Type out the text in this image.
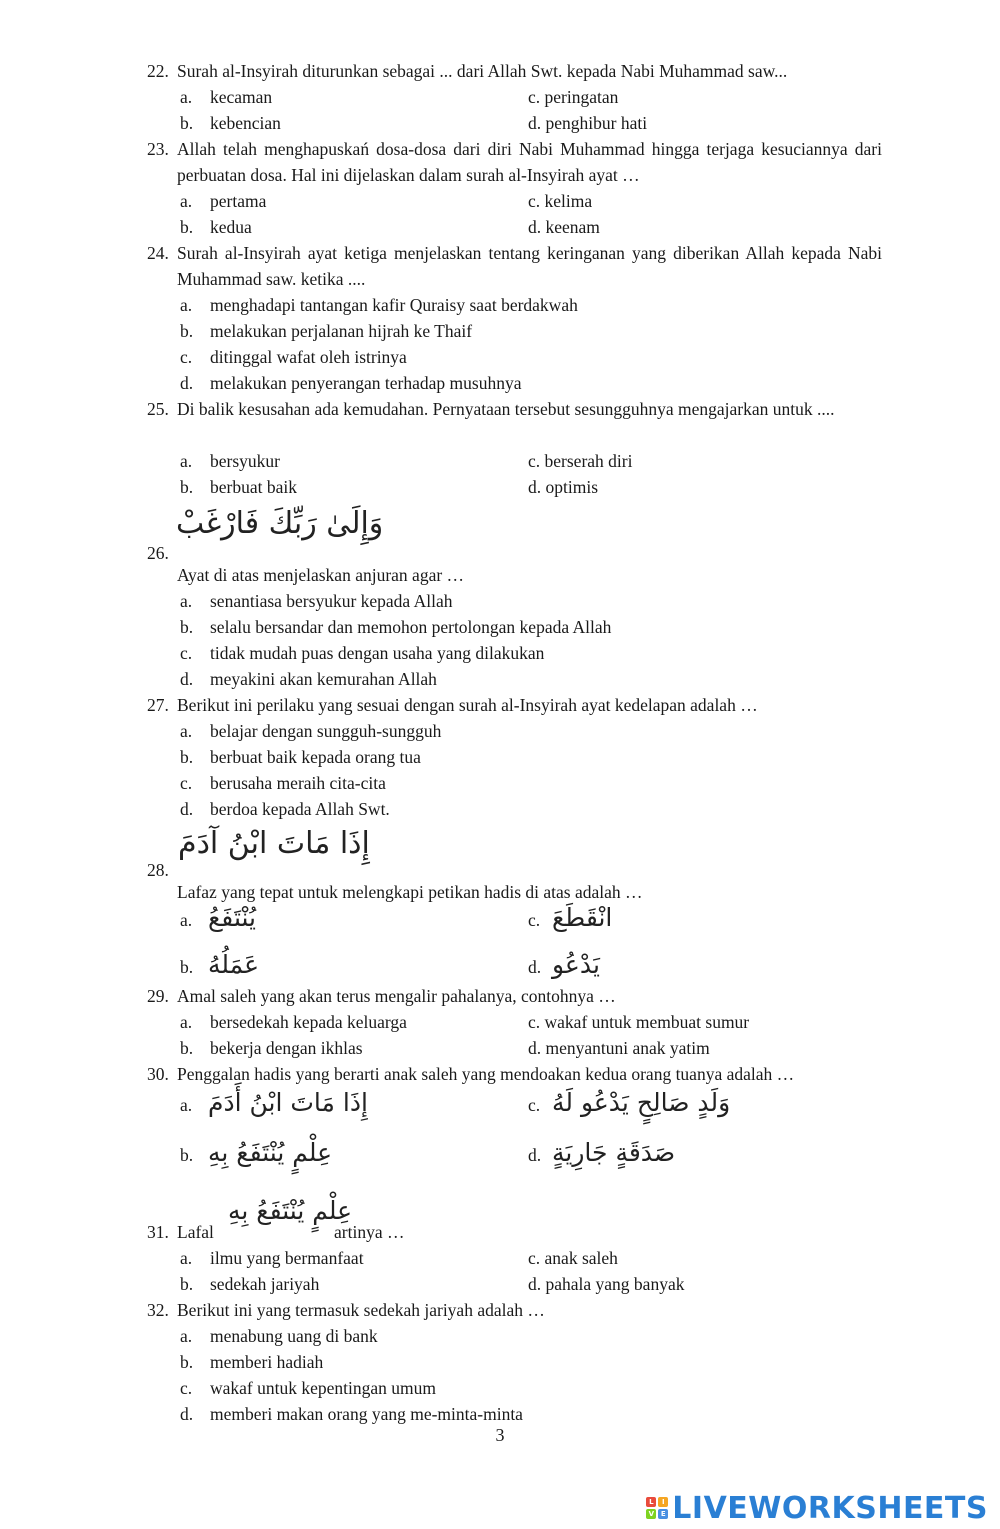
22. Surah al-Insyirah diturunkan sebagai ... dari Allah Swt. kepada Nabi Muhammad saw...
a. kecaman
b. kebencian
c. peringatan
d. penghibur hati
23. Allah telah menghapuskań dosa-dosa dari diri Nabi Muhammad hingga terjaga kesuciannya dari perbuatan dosa. Hal ini dijelaskan dalam surah al-Insyirah ayat …
a. pertama
b. kedua
c. kelima
d. keenam
24. Surah al-Insyirah ayat ketiga menjelaskan tentang keringanan yang diberikan Allah kepada Nabi Muhammad saw. ketika ....
a. menghadapi tantangan kafir Quraisy saat berdakwah
b. melakukan perjalanan hijrah ke Thaif
c. ditinggal wafat oleh istrinya
d. melakukan penyerangan terhadap musuhnya
25. Di balik kesusahan ada kemudahan. Pernyataan tersebut sesungguhnya mengajarkan untuk ....
a. bersyukur
b. berbuat baik
c. berserah diri
d. optimis
وَإِلَىٰ رَبِّكَ فَارْغَبْ
26.
Ayat di atas menjelaskan anjuran agar …
a. senantiasa bersyukur kepada Allah
b. selalu bersandar dan memohon pertolongan kepada Allah
c. tidak mudah puas dengan usaha yang dilakukan
d. meyakini akan kemurahan Allah
27. Berikut ini perilaku yang sesuai dengan surah al-Insyirah ayat kedelapan adalah …
a. belajar dengan sungguh-sungguh
b. berbuat baik kepada orang tua
c. berusaha meraih cita-cita
d. berdoa kepada Allah Swt.
إِذَا مَاتَ ابْنُ آدَمَ
28.
Lafaz yang tepat untuk melengkapi petikan hadis di atas adalah …
a. يُنْتَفَعُ
b. عَمَلُهُ
c. انْقَطَعَ
d. يَدْعُو
29. Amal saleh yang akan terus mengalir pahalanya, contohnya …
a. bersedekah kepada keluarga
b. bekerja dengan ikhlas
c. wakaf untuk membuat sumur
d. menyantuni anak yatim
30. Penggalan hadis yang berarti anak saleh yang mendoakan kedua orang tuanya adalah …
a. إِذَا مَاتَ ابْنُ أَدَمَ
b. عِلْمٍ يُنْتَفَعُ بِهِ
c. وَلَدٍ صَالِحٍ يَدْعُو لَهُ
d. صَدَقَةٍ جَارِيَةٍ
31. Lafal
عِلْمٍ يُنْتَفَعُ بِهِ
artinya …
a. ilmu yang bermanfaat
b. sedekah jariyah
c. anak saleh
d. pahala yang banyak
32. Berikut ini yang termasuk sedekah jariyah adalah …
a. menabung uang di bank
b. memberi hadiah
c. wakaf untuk kepentingan umum
d. memberi makan orang yang me-minta-minta
3
L	I
V E LIVEWORKSHEETS
